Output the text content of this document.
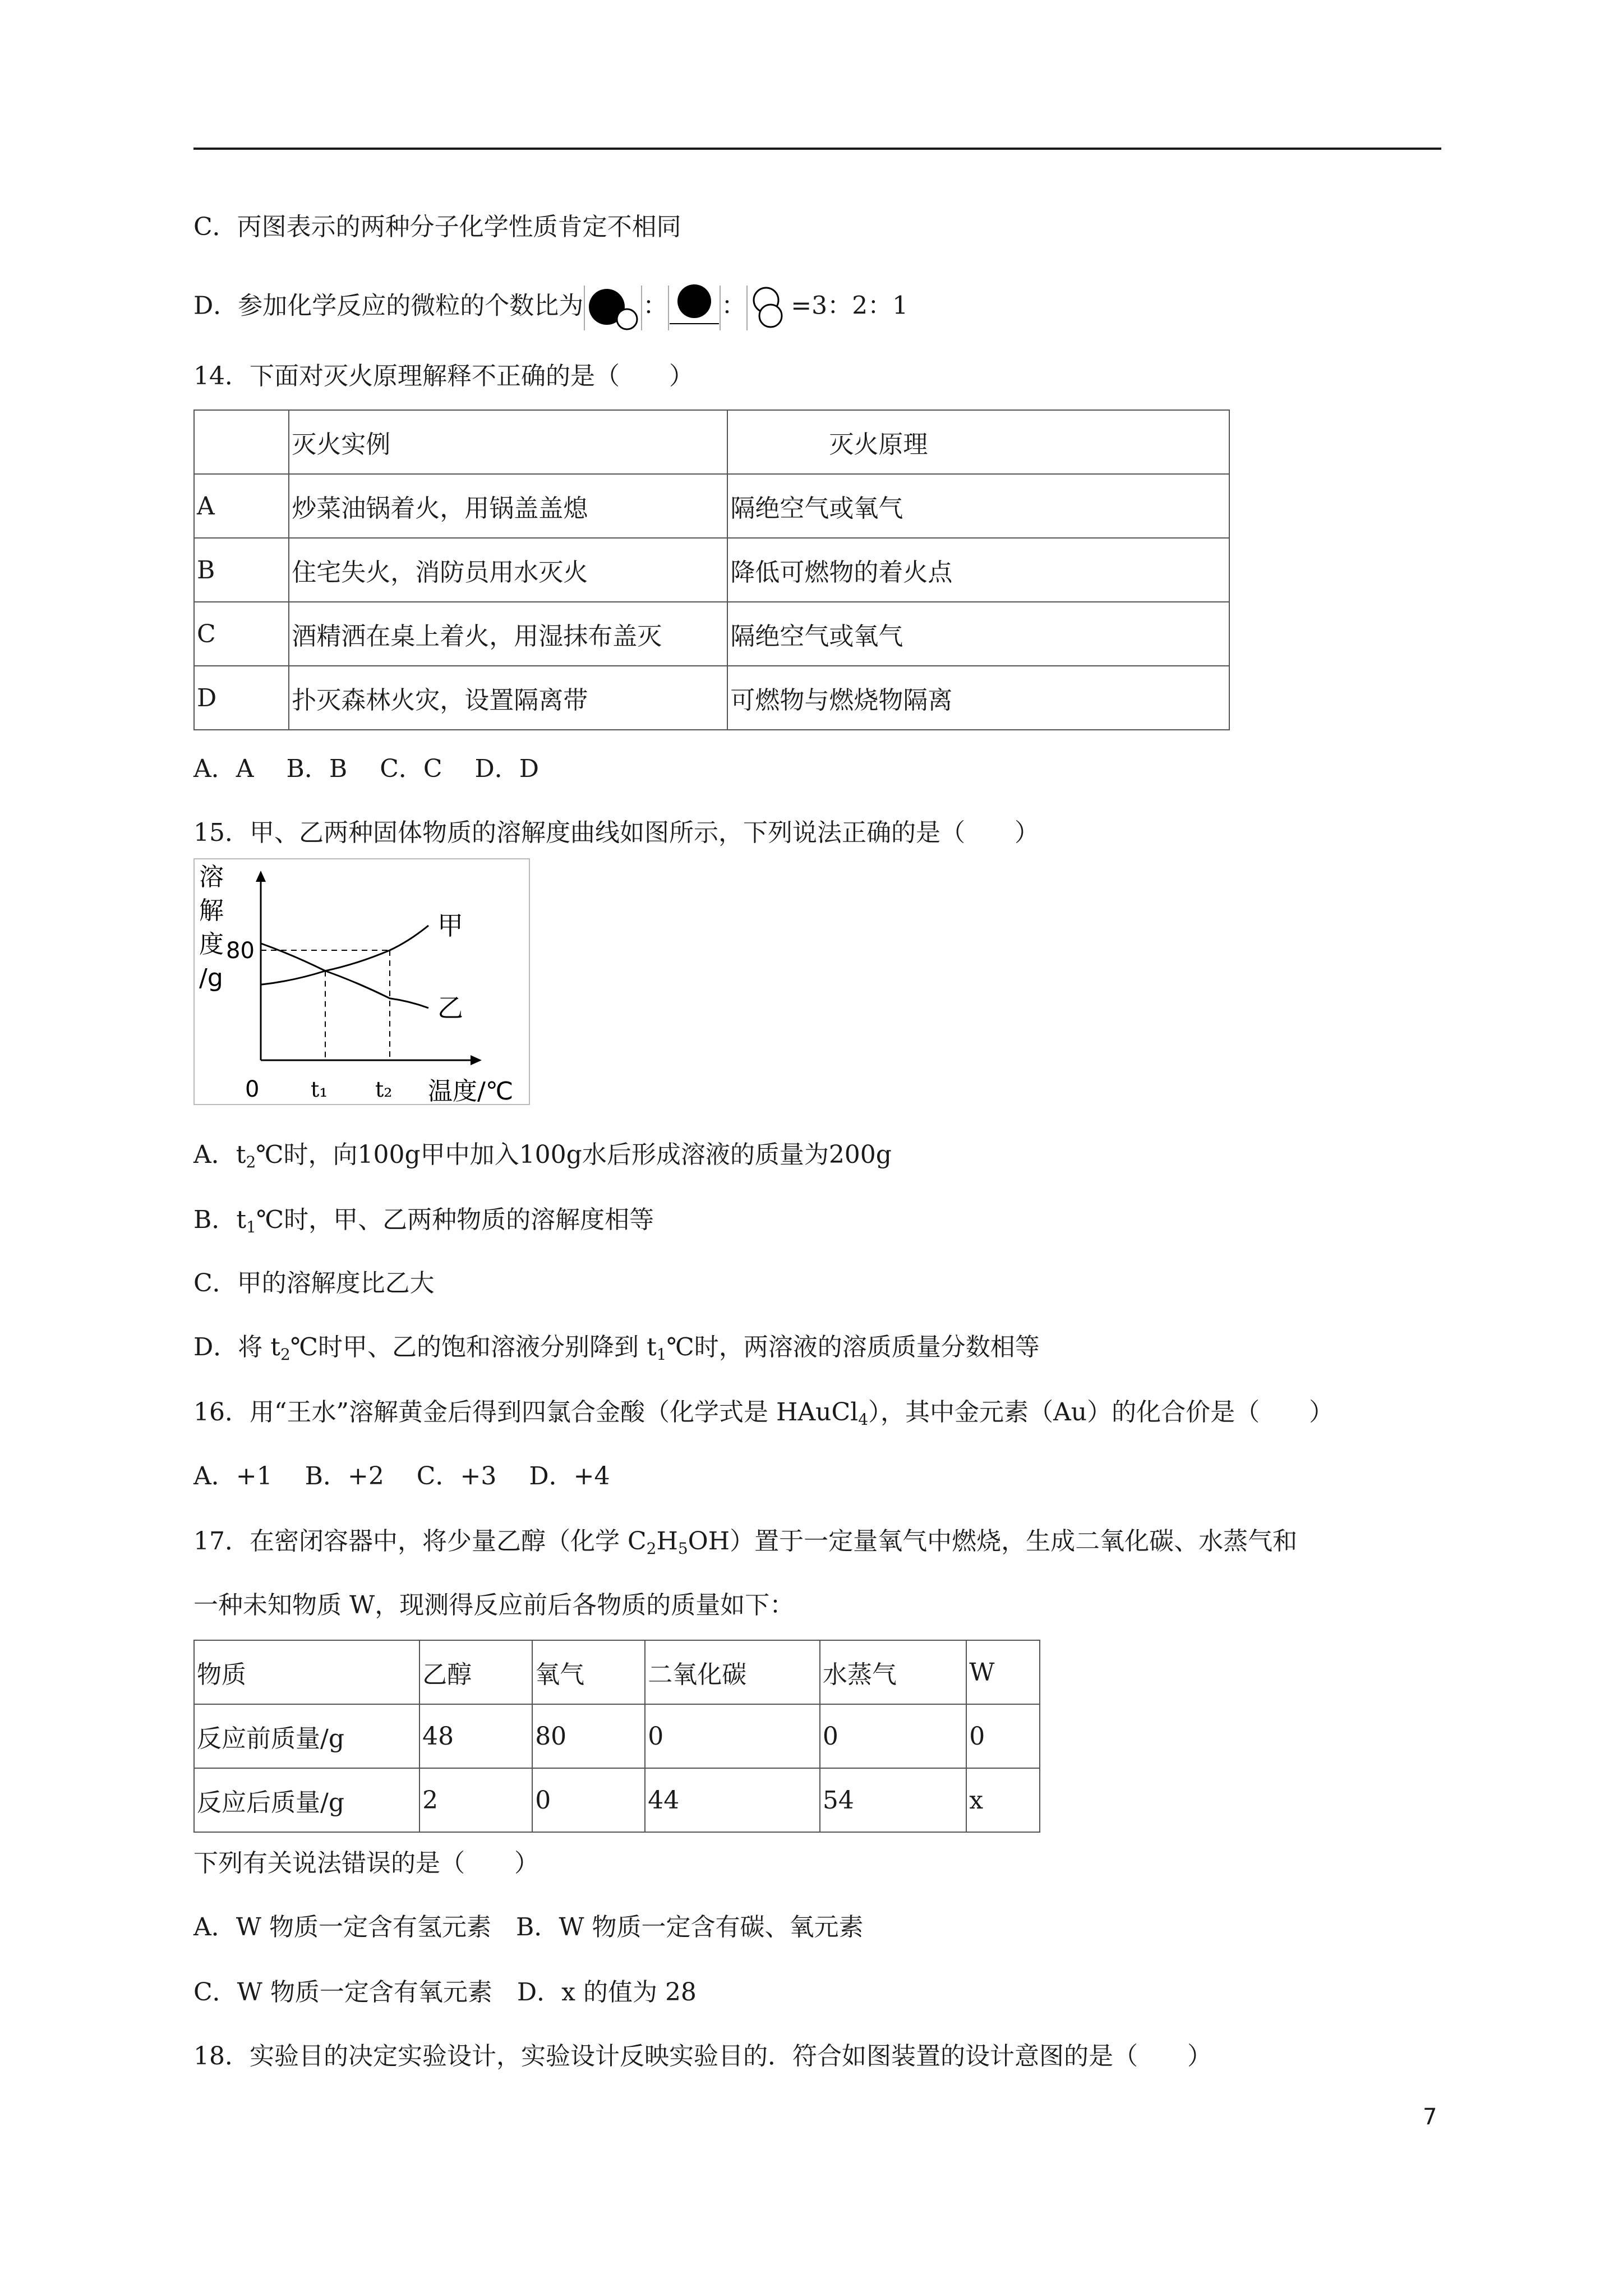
C．丙图表示的两种分子化学性质肯定不相同
D．参加化学反应的微粒的个数比为 ： ： =3：2：1
14．下面对灭火原理解释不正确的是（　　）
	灭火实例	灭火原理
A	炒菜油锅着火，用锅盖盖熄	隔绝空气或氧气
B	住宅失火，消防员用水灭火	降低可燃物的着火点
C	酒精洒在桌上着火，用湿抹布盖灭	隔绝空气或氧气
D	扑灭森林火灾，设置隔离带	可燃物与燃烧物隔离
A．A　 B．B　 C．C　 D．D
15．甲、乙两种固体物质的溶解度曲线如图所示，下列说法正确的是（　　）
甲
乙
80
溶
解
度
/g
0 t₁ t₂ 温度/℃
A．$t_2℃$时，向100g甲中加入100g水后形成溶液的质量为200g
B．$t_1℃$时，甲、乙两种物质的溶解度相等
C．甲的溶解度比乙大
D．将 $t_2℃$时甲、乙的饱和溶液分别降到 $t_1℃$时，两溶液的溶质质量分数相等
16．用“王水”溶解黄金后得到四氯合金酸（化学式是 HAuCl$_4$），其中金元素（Au）的化合价是（　　）
A．+1　 B．+2　 C．+3　 D．+4
17．在密闭容器中，将少量乙醇（化学 $C_2H_5OH$）置于一定量氧气中燃烧，生成二氧化碳、水蒸气和
一种未知物质 W，现测得反应前后各物质的质量如下：
物质	乙醇	氧气	二氧化碳	水蒸气	W
反应前质量/g	48	80	0	0	0
反应后质量/g	2	0	44	54	x
下列有关说法错误的是（　　）
A．W 物质一定含有氢元素　B．W 物质一定含有碳、氧元素
C．W 物质一定含有氧元素　D．x 的值为 28
18．实验目的决定实验设计，实验设计反映实验目的．符合如图装置的设计意图的是（　　）
7
